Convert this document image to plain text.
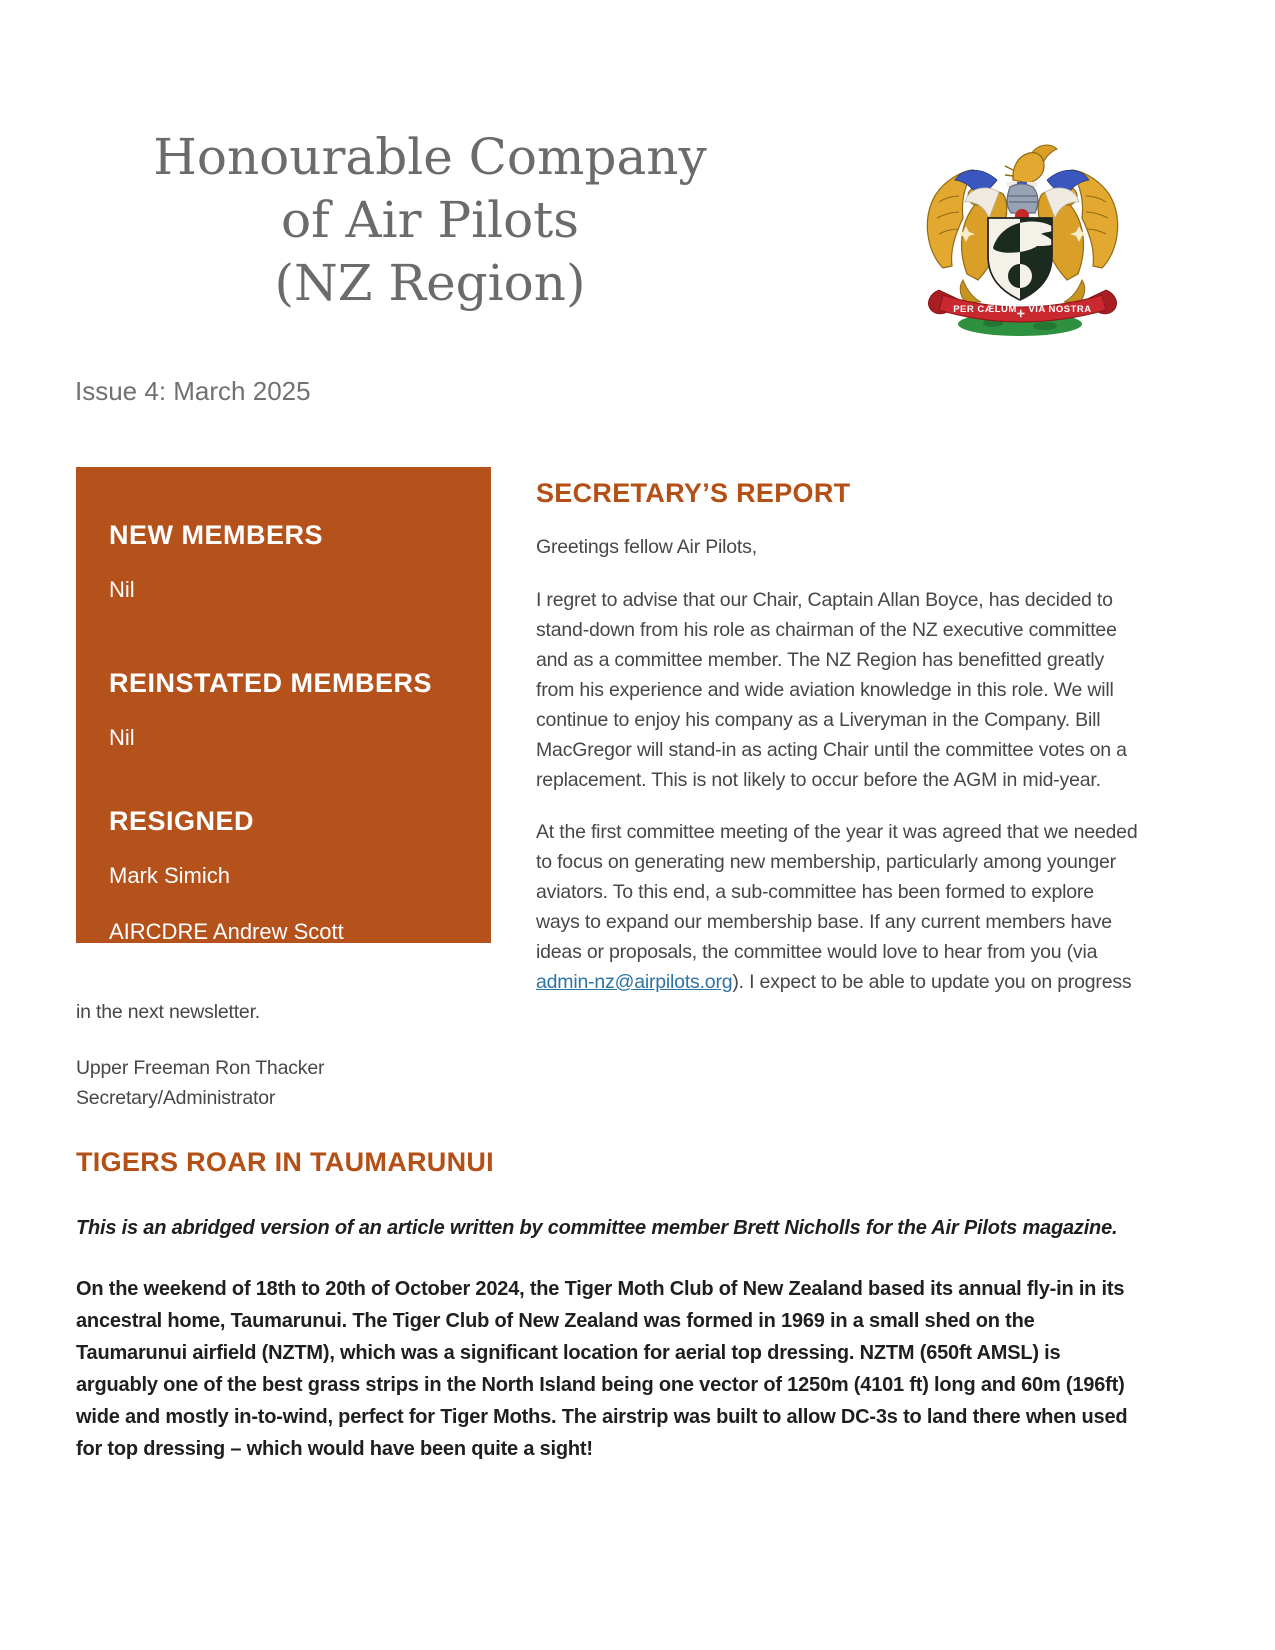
Honourable Company
of Air Pilots
(NZ Region)	PER CÆLUM ✛ VIA NOSTRA
Issue 4: March 2025
NEW MEMBERS

Nil

REINSTATED MEMBERS

Nil

RESIGNED

Mark Simich

AIRCDRE Andrew Scott

SECRETARY’S REPORT

Greetings fellow Air Pilots,

I regret to advise that our Chair, Captain Allan Boyce, has decided to stand-down from his role as chairman of the NZ executive committee and as a committee member. The NZ Region has benefitted greatly from his experience and wide aviation knowledge in this role. We will continue to enjoy his company as a Liveryman in the Company. Bill MacGregor will stand-in as acting Chair until the committee votes on a replacement. This is not likely to occur before the AGM in mid-year.

At the first committee meeting of the year it was agreed that we needed to focus on generating new membership, particularly among younger aviators. To this end, a sub-committee has been formed to explore ways to expand our membership base. If any current members have ideas or proposals, the committee would love to hear from you (via admin-nz@airpilots.org). I expect to be able to update you on progress in the next newsletter.

Upper Freeman Ron Thacker
Secretary/Administrator
TIGERS ROAR IN TAUMARUNUI

This is an abridged version of an article written by committee member Brett Nicholls for the Air Pilots magazine.

On the weekend of 18th to 20th of October 2024, the Tiger Moth Club of New Zealand based its annual fly-in in its ancestral home, Taumarunui. The Tiger Club of New Zealand was formed in 1969 in a small shed on the Taumarunui airfield (NZTM), which was a significant location for aerial top dressing. NZTM (650ft AMSL) is arguably one of the best grass strips in the North Island being one vector of 1250m (4101 ft) long and 60m (196ft) wide and mostly in-to-wind, perfect for Tiger Moths. The airstrip was built to allow DC-3s to land there when used for top dressing – which would have been quite a sight!
